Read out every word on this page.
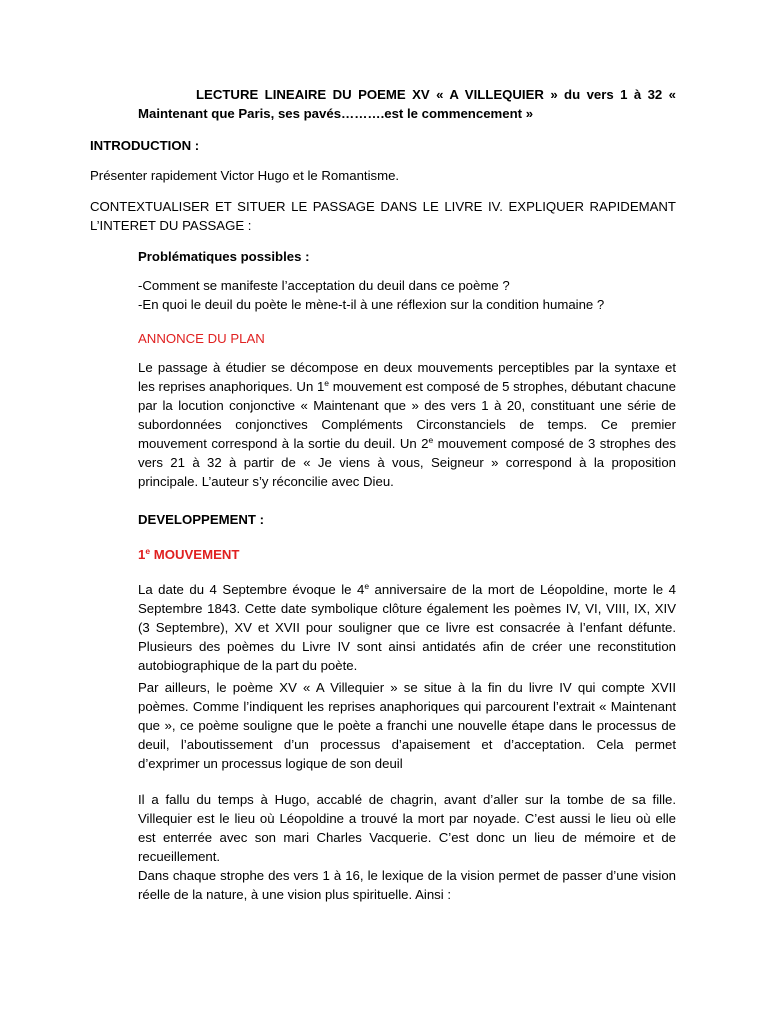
LECTURE LINEAIRE DU POEME XV « A VILLEQUIER » du vers 1 à 32 « Maintenant que Paris, ses pavés……….est le commencement »
INTRODUCTION :
Présenter rapidement Victor Hugo et le Romantisme.
CONTEXTUALISER ET SITUER LE PASSAGE DANS LE LIVRE IV. EXPLIQUER RAPIDEMANT L’INTERET DU PASSAGE :
Problématiques possibles :

-Comment se manifeste l’acceptation du deuil dans ce poème ?

-En quoi le deuil du poète le mène-t-il à une réflexion sur la condition humaine ?

ANNONCE DU PLAN
Le passage à étudier se décompose en deux mouvements perceptibles par la syntaxe et les reprises anaphoriques. Un 1e mouvement est composé de 5 strophes, débutant chacune par la locution conjonctive « Maintenant que » des vers 1 à 20, constituant une série de subordonnées conjonctives Compléments Circonstanciels de temps. Ce premier mouvement correspond à la sortie du deuil. Un 2e mouvement composé de 3 strophes des vers 21 à 32 à partir de « Je viens à vous, Seigneur » correspond à la proposition principale. L’auteur s’y réconcilie avec Dieu.
DEVELOPPEMENT :
1e MOUVEMENT
La date du 4 Septembre évoque le 4e anniversaire de la mort de Léopoldine, morte le 4 Septembre 1843. Cette date symbolique clôture également les poèmes IV, VI, VIII, IX, XIV (3 Septembre), XV et XVII pour souligner que ce livre est consacrée à l’enfant défunte. Plusieurs des poèmes du Livre IV sont ainsi antidatés afin de créer une reconstitution autobiographique de la part du poète.
Par ailleurs, le poème XV « A Villequier » se situe à la fin du livre IV qui compte XVII poèmes. Comme l’indiquent les reprises anaphoriques qui parcourent l’extrait « Maintenant que », ce poème souligne que le poète a franchi une nouvelle étape dans le processus de deuil, l’aboutissement d’un processus d’apaisement et d’acceptation. Cela permet d’exprimer un processus logique de son deuil
Il a fallu du temps à Hugo, accablé de chagrin, avant d’aller sur la tombe de sa fille. Villequier est le lieu où Léopoldine a trouvé la mort par noyade. C’est aussi le lieu où elle est enterrée avec son mari Charles Vacquerie. C’est donc un lieu de mémoire et de recueillement.
Dans chaque strophe des vers 1 à 16, le lexique de la vision permet de passer d’une vision réelle de la nature, à une vision plus spirituelle. Ainsi :
